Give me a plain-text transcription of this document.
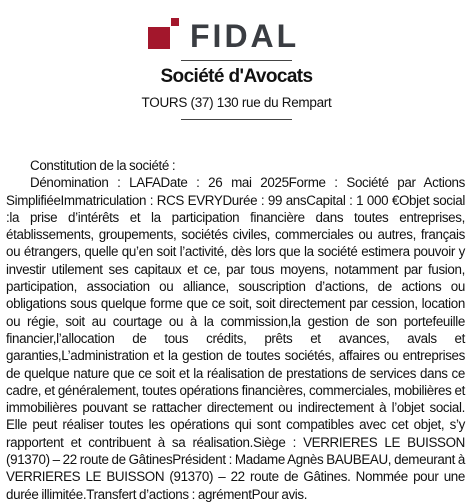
FIDAL
Société d'Avocats
TOURS (37) 130 rue du Rempart

Constitution de la société :

Dénomination : LAFADate : 26 mai 2025Forme : Société par Actions SimplifiéeImmatriculation : RCS EVRYDurée : 99 ansCapital : 1 000 €Objet social :la prise d’intérêts et la participation financière dans toutes entreprises, établissements, groupements, sociétés civiles, commerciales ou autres, français ou étrangers, quelle qu’en soit l’activité, dès lors que la société estimera pouvoir y investir utilement ses capitaux et ce, par tous moyens, notamment par fusion, participation, association ou alliance, souscription d’actions, de actions ou obligations sous quelque forme que ce soit, soit directement par cession, location ou régie, soit au courtage ou à la commission,la gestion de son portefeuille financier,l’allocation de tous crédits, prêts et avances, avals et garanties,L’administration et la gestion de toutes sociétés, affaires ou entreprises de quelque nature que ce soit et la réalisation de prestations de services dans ce cadre, et généralement, toutes opérations financières, commerciales, mobilières et immobilières pouvant se rattacher directement ou indirectement à l’objet social. Elle peut réaliser toutes les opérations qui sont compatibles avec cet objet, s’y rapportent et contribuent à sa réalisation.Siège : VERRIERES LE BUISSON (91370) – 22 route de GâtinesPrésident : Madame Agnès BAUBEAU, demeurant à VERRIERES LE BUISSON (91370) – 22 route de Gâtines. Nommée pour une durée illimitée.Transfert d’actions : agrémentPour avis.
